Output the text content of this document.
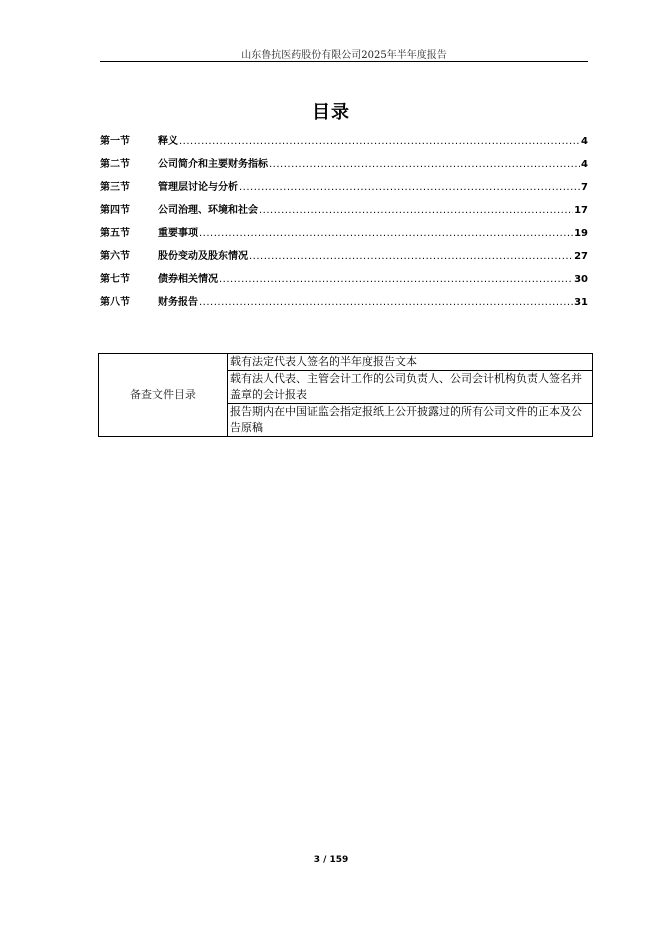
山东鲁抗医药股份有限公司2025年半年度报告
目录
第一节	释义 .....	4
第二节	公司简介和主要财务指标 .....	4
第三节	管理层讨论与分析 .....	7
第四节	公司治理、环境和社会 .....	17
第五节	重要事项 .....	19
第六节	股份变动及股东情况 .....	27
第七节	债券相关情况 .....	30
第八节	财务报告 .....	31
备查文件目录	载有法定代表人签名的半年度报告文本
载有法人代表、主管会计工作的公司负责人、公司会计机构负责人签名并盖章的会计报表
报告期内在中国证监会指定报纸上公开披露过的所有公司文件的正本及公告原稿
3 / 159
